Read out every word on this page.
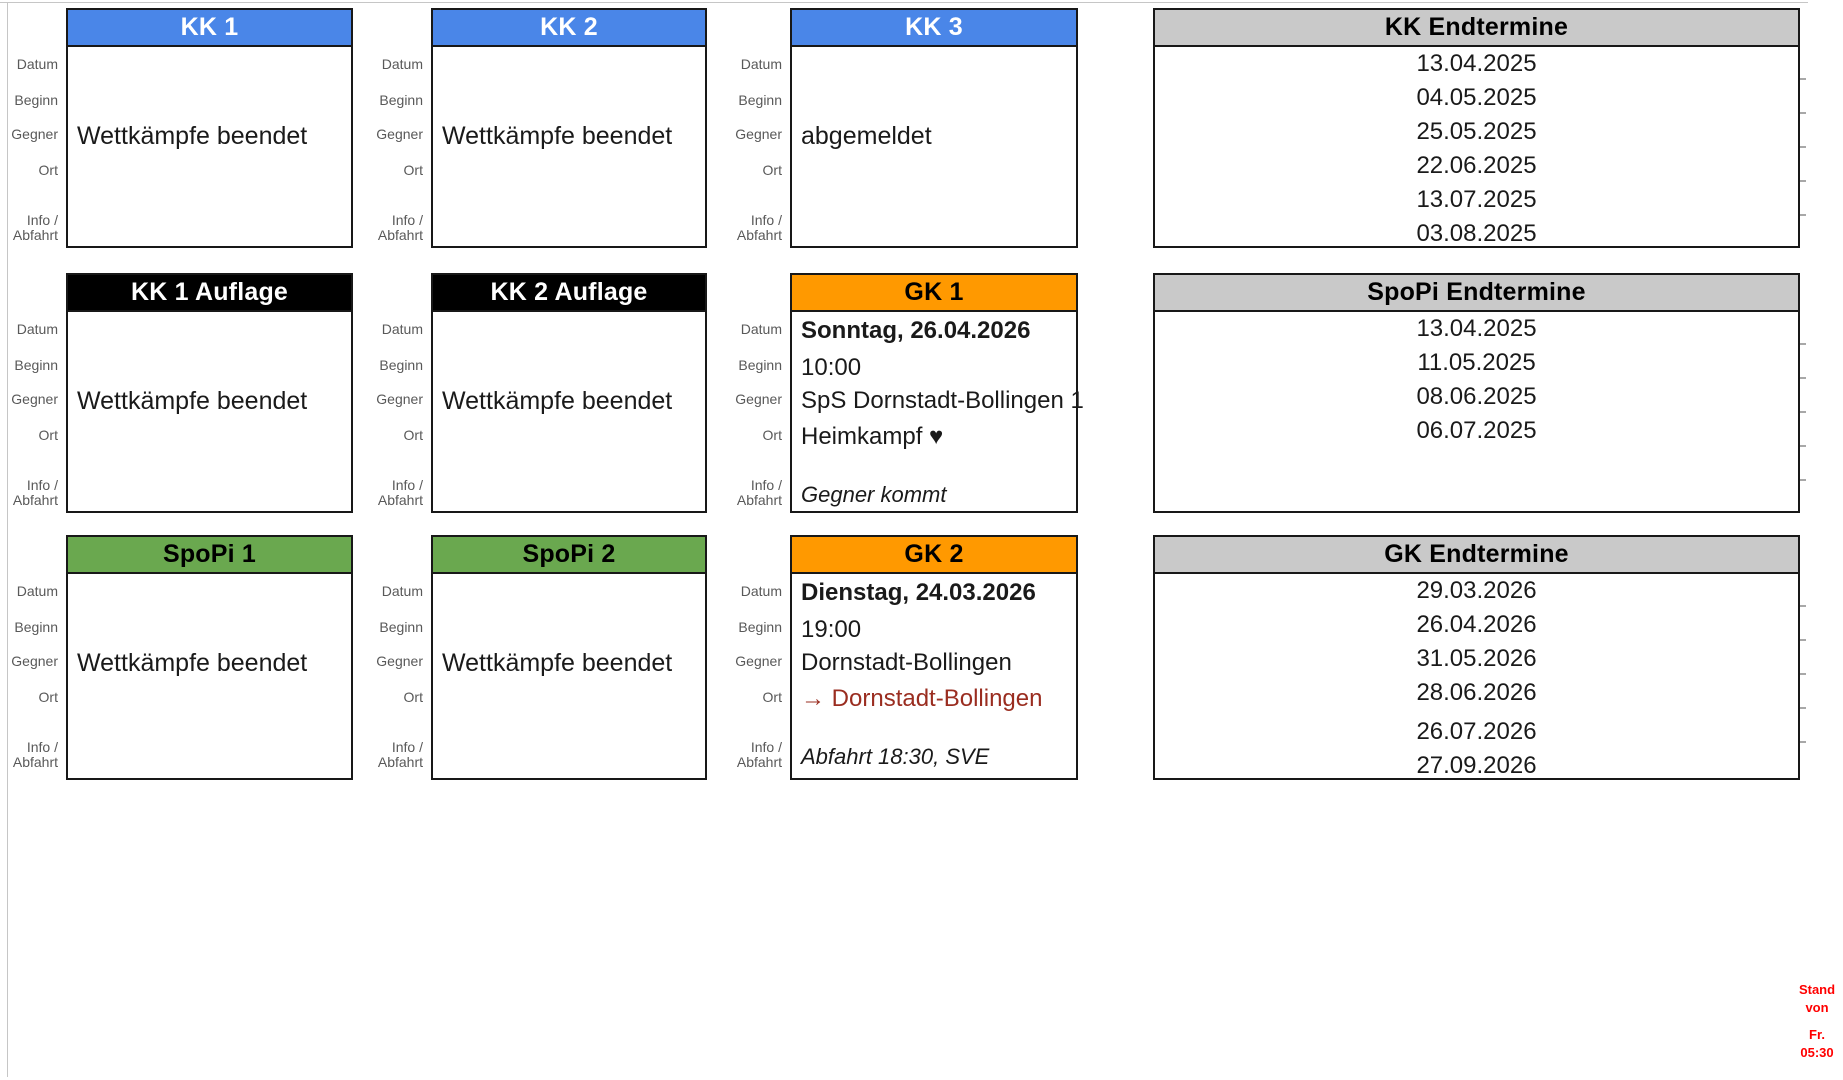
Datum
Beginn
Gegner
Ort
Info /
Abfahrt
KK 1
Wettkämpfe beendet
Datum
Beginn
Gegner
Ort
Info /
Abfahrt
KK 2
Wettkämpfe beendet
Datum
Beginn
Gegner
Ort
Info /
Abfahrt
KK 3
abgemeldet
KK Endtermine
13.04.2025
04.05.2025
25.05.2025
22.06.2025
13.07.2025
03.08.2025
Datum
Beginn
Gegner
Ort
Info /
Abfahrt
KK 1 Auflage
Wettkämpfe beendet
Datum
Beginn
Gegner
Ort
Info /
Abfahrt
KK 2 Auflage
Wettkämpfe beendet
Datum
Beginn
Gegner
Ort
Info /
Abfahrt
GK 1
Sonntag, 26.04.2026
10:00
SpS Dornstadt-Bollingen 1
Heimkampf ♥
Gegner kommt
SpoPi Endtermine
13.04.2025
11.05.2025
08.06.2025
06.07.2025
Datum
Beginn
Gegner
Ort
Info /
Abfahrt
SpoPi 1
Wettkämpfe beendet
Datum
Beginn
Gegner
Ort
Info /
Abfahrt
SpoPi 2
Wettkämpfe beendet
Datum
Beginn
Gegner
Ort
Info /
Abfahrt
GK 2
Dienstag, 24.03.2026
19:00
Dornstadt-Bollingen
→ Dornstadt-Bollingen
Abfahrt 18:30, SVE
GK Endtermine
29.03.2026
26.04.2026
31.05.2026
28.06.2026
26.07.2026
27.09.2026
Stand
von
Fr.
05:30
